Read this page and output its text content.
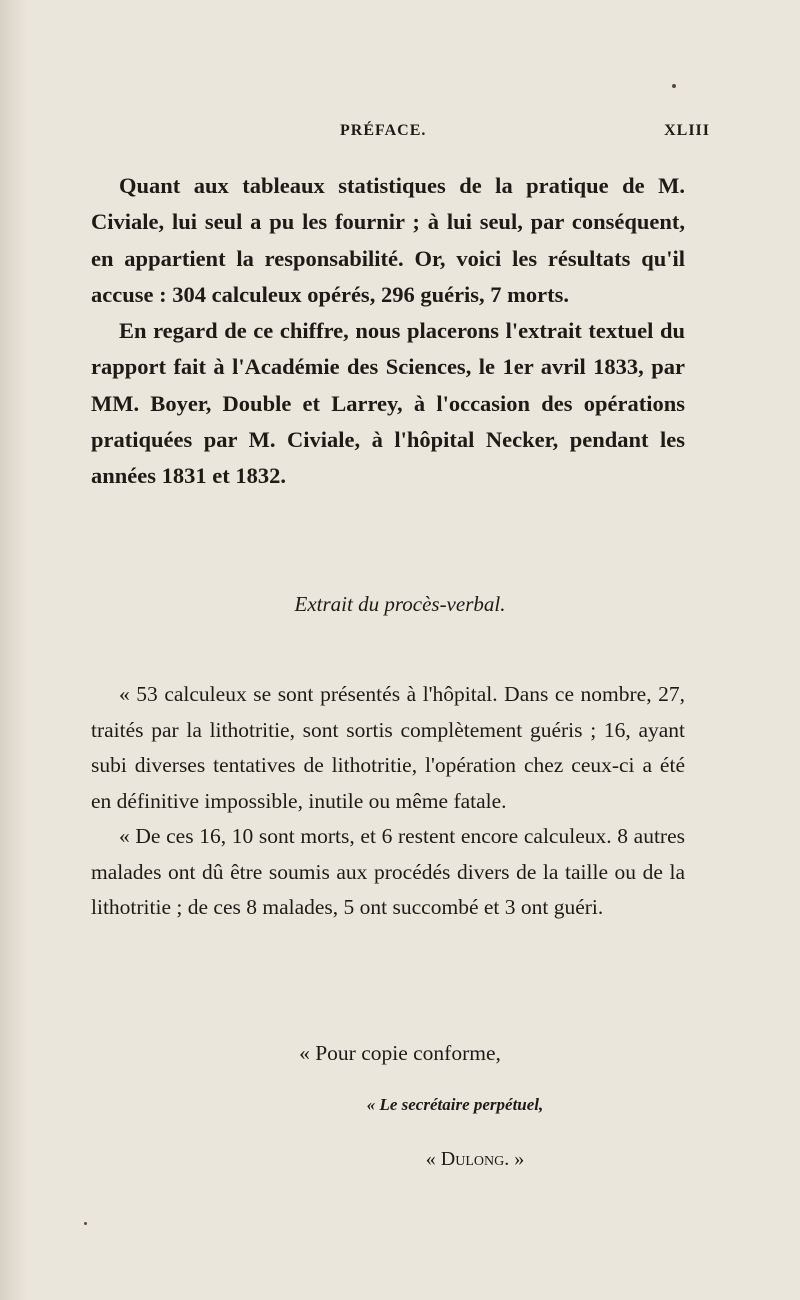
PRÉFACE.	XLIII

Quant aux tableaux statistiques de la pratique de M. Civiale, lui seul a pu les fournir ; à lui seul, par conséquent, en appartient la responsabilité. Or, voici les résultats qu'il accuse : 304 calculeux opérés, 296 guéris, 7 morts.

En regard de ce chiffre, nous placerons l'extrait textuel du rapport fait à l'Académie des Sciences, le 1er avril 1833, par MM. Boyer, Double et Larrey, à l'occasion des opérations pratiquées par M. Civiale, à l'hôpital Necker, pendant les années 1831 et 1832.

Extrait du procès-verbal.

« 53 calculeux se sont présentés à l'hôpital. Dans ce nombre, 27, traités par la lithotritie, sont sortis complètement guéris ; 16, ayant subi diverses tentatives de lithotritie, l'opération chez ceux-ci a été en définitive impossible, inutile ou même fatale.

« De ces 16, 10 sont morts, et 6 restent encore calculeux. 8 autres malades ont dû être soumis aux procédés divers de la taille ou de la lithotritie ; de ces 8 malades, 5 ont succombé et 3 ont guéri.

« Pour copie conforme,
« Le secrétaire perpétuel,
« Dulong. »
